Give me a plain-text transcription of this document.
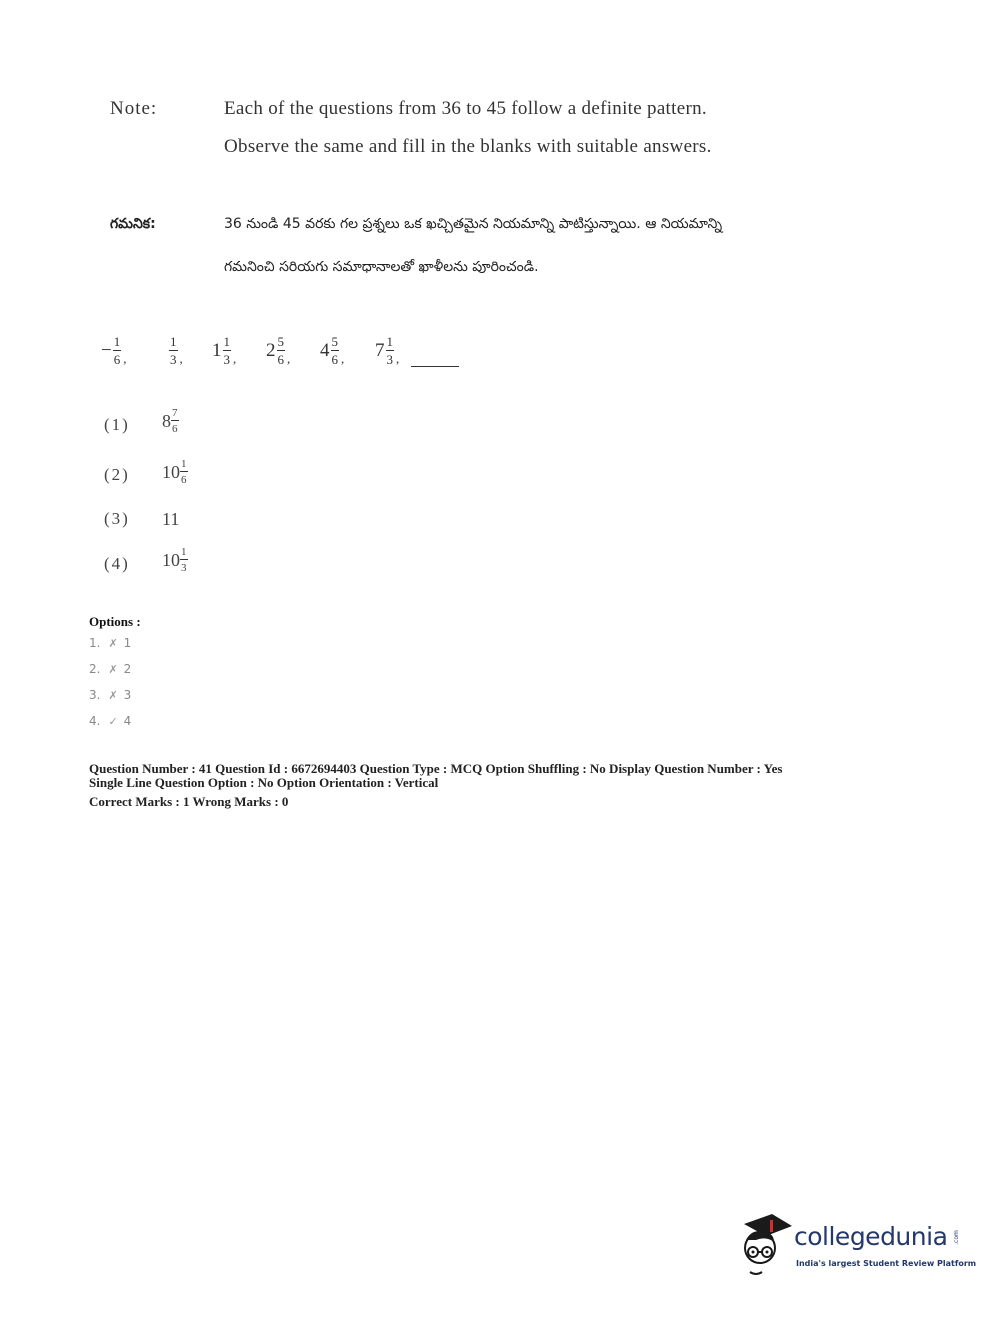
Note:	Each of the questions from 36 to 45 follow a definite pattern.
Observe the same and fill in the blanks with suitable answers.
గమనిక:	36 నుండి 45 వరకు గల ప్రశ్నలు ఒక ఖచ్చితమైన నియమాన్ని పాటిస్తున్నాయి. ఆ నియమాన్ని
గమనించి సరియగు సమాధానాలతో ఖాళీలను పూరించండి.
− $\frac{1}{6}$ ,	$\frac{1}{3}$ , $1 \frac{1}{3}$ , $2 \frac{5}{6}$ , $4 \frac{5}{6}$ , $7 \frac{1}{3}$ ,
(1) $8 \frac{7}{6}$
(2) $10 \frac{1}{6}$
(3) 11
(4) $10 \frac{1}{3}$
Options :
1. ✗ 1
2. ✗ 2
3. ✗ 3
4. ✓ 4
Question Number : 41 Question Id : 6672694403 Question Type : MCQ Option Shuffling : No Display Question Number : Yes
Single Line Question Option : No Option Orientation : Vertical
Correct Marks : 1 Wrong Marks : 0
collegedunia .com
India's largest Student Review Platform
